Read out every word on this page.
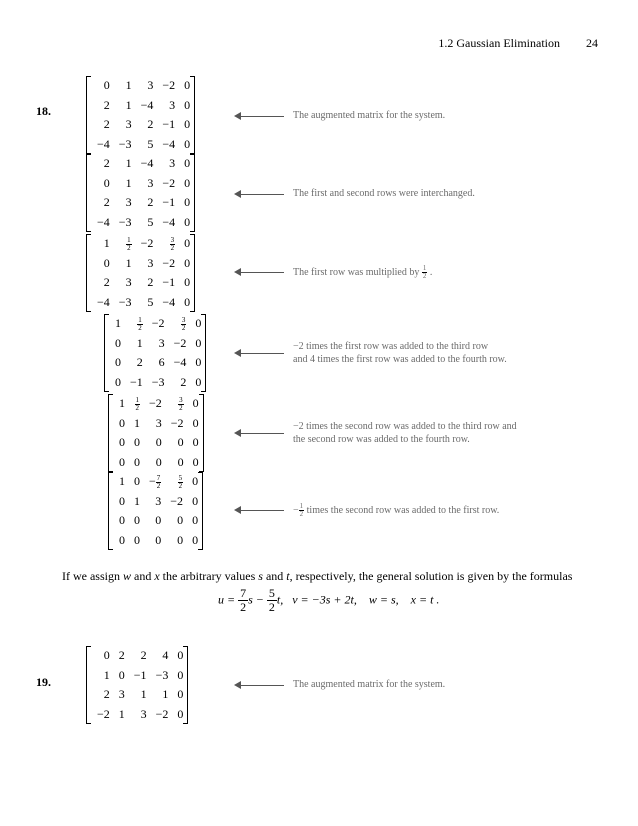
1.2 Gaussian Elimination 24
18.
0	1	3	−2	0
2	1	−4	3	0
2	3	2	−1	0
−4	−3	5	−4	0
The augmented matrix for the system.
2	1	−4	3	0
0	1	3	−2	0
2	3	2	−1	0
−4	−3	5	−4	0
The first and second rows were interchanged.
1	$\frac{1}{2}$	−2	$\frac{3}{2}$	0
0	1	3	−2	0
2	3	2	−1	0
−4	−3	5	−4	0
The first row was multiplied by $\frac{1}{2}$ .
1	$\frac{1}{2}$	−2	$\frac{3}{2}$	0
0	1	3	−2	0
0	2	6	−4	0
0	−1	−3	2	0
−2 times the first row was added to the third row
and 4 times the first row was added to the fourth row.
1	$\frac{1}{2}$	−2	$\frac{3}{2}$	0
0	1	3	−2	0
0	0	0	0	0
0	0	0	0	0
−2 times the second row was added to the third row and
the second row was added to the fourth row.
1	0	− $\frac{7}{2}$	$\frac{5}{2}$	0
0	1	3	−2	0
0	0	0	0	0
0	0	0	0	0
− $\frac{1}{2}$ times the second row was added to the first row.
19.
0	2	2	4	0
1	0	−1	−3	0
2	3	1	1	0
−2	1	3	−2	0
The augmented matrix for the system.
If we assign w and x the arbitrary values s and t, respectively, the general solution is given by the formulas
$u = \frac{7}{2}$ $s - \frac{5}{2} t$, v = −3s + 2t, w = s, x = t .
